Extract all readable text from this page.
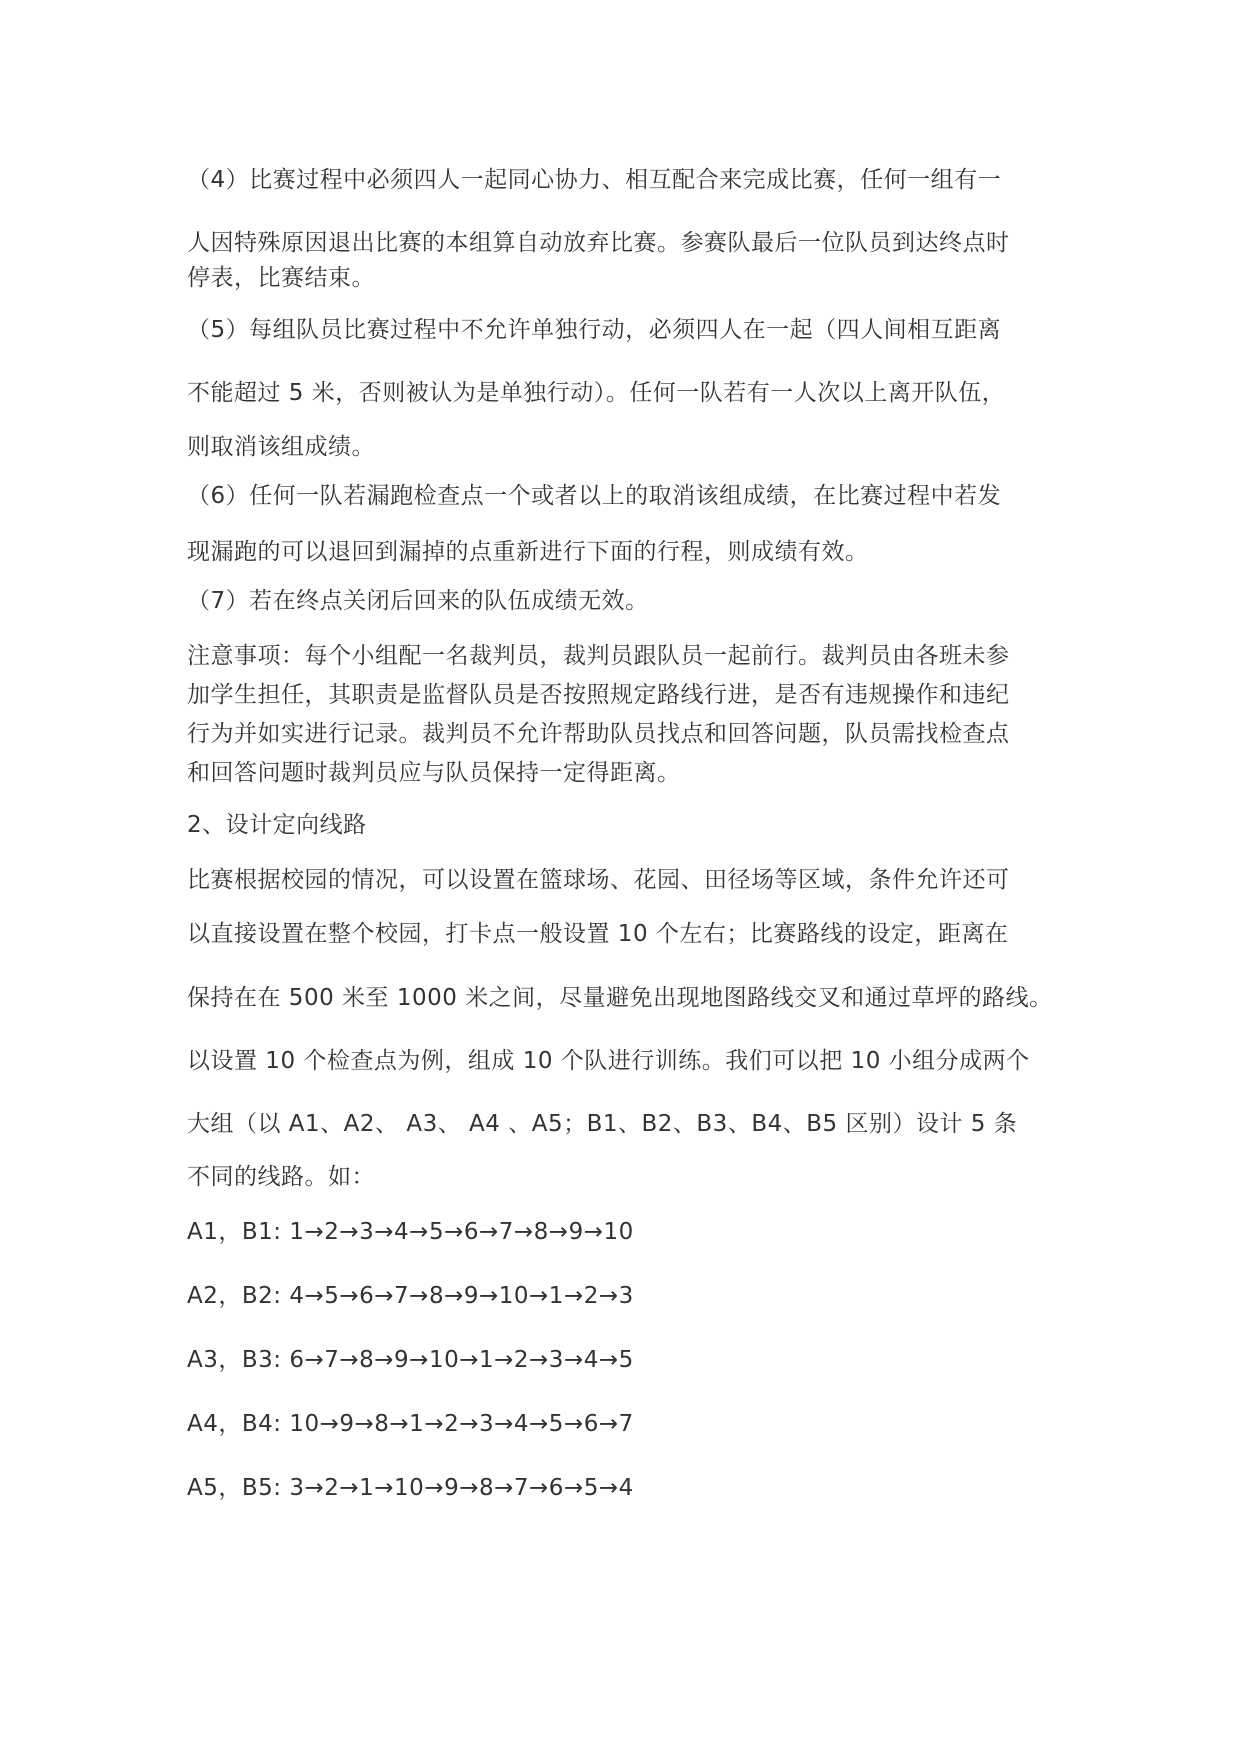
（4）比赛过程中必须四人一起同心协力、相互配合来完成比赛，任何一组有一

人因特殊原因退出比赛的本组算自动放弃比赛。参赛队最后一位队员到达终点时

停表，比赛结束。

（5）每组队员比赛过程中不允许单独行动，必须四人在一起（四人间相互距离

不能超过 5 米，否则被认为是单独行动）。任何一队若有一人次以上离开队伍，

则取消该组成绩。

（6）任何一队若漏跑检查点一个或者以上的取消该组成绩，在比赛过程中若发

现漏跑的可以退回到漏掉的点重新进行下面的行程，则成绩有效。

（7）若在终点关闭后回来的队伍成绩无效。

注意事项：每个小组配一名裁判员，裁判员跟队员一起前行。裁判员由各班未参

加学生担任，其职责是监督队员是否按照规定路线行进，是否有违规操作和违纪

行为并如实进行记录。裁判员不允许帮助队员找点和回答问题，队员需找检查点

和回答问题时裁判员应与队员保持一定得距离。

2、设计定向线路

比赛根据校园的情况，可以设置在篮球场、花园、田径场等区域，条件允许还可

以直接设置在整个校园，打卡点一般设置 10 个左右；比赛路线的设定，距离在

保持在在 500 米至 1000 米之间，尽量避免出现地图路线交叉和通过草坪的路线。

以设置 10 个检查点为例，组成 10 个队进行训练。我们可以把 10 小组分成两个

大组（以 A1、A2、 A3、 A4 、A5；B1、B2、B3、B4、B5 区别）设计 5 条

不同的线路。如：

A1，B1: 1→2→3→4→5→6→7→8→9→10

A2，B2: 4→5→6→7→8→9→10→1→2→3

A3，B3: 6→7→8→9→10→1→2→3→4→5

A4，B4: 10→9→8→1→2→3→4→5→6→7

A5，B5: 3→2→1→10→9→8→7→6→5→4
